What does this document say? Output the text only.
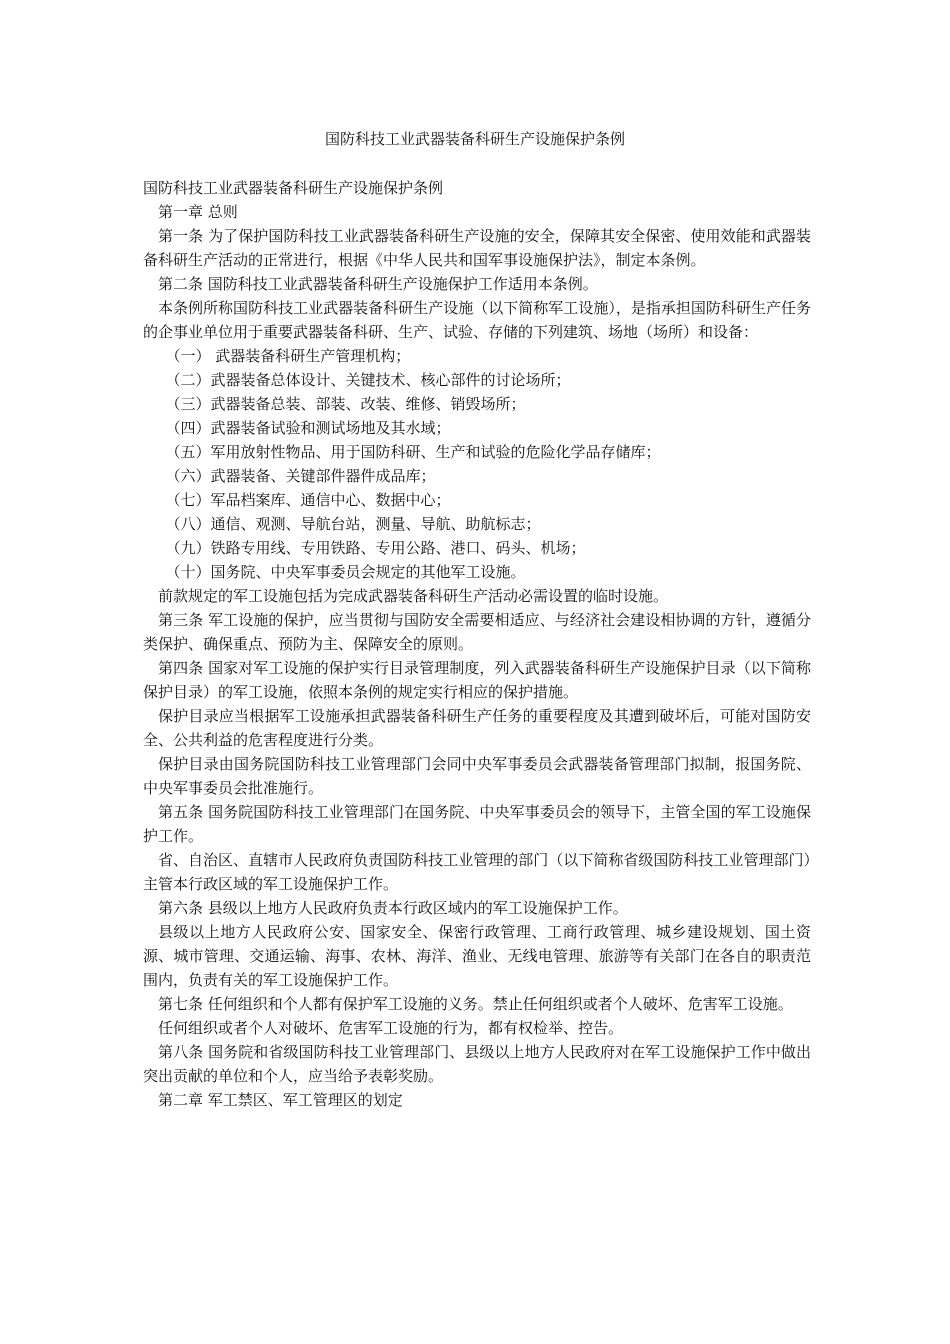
国防科技工业武器装备科研生产设施保护条例

国防科技工业武器装备科研生产设施保护条例

第一章 总则

第一条 为了保护国防科技工业武器装备科研生产设施的安全，保障其安全保密、使用效能和武器装备科研生产活动的正常进行，根据《中华人民共和国军事设施保护法》，制定本条例。

第二条 国防科技工业武器装备科研生产设施保护工作适用本条例。

本条例所称国防科技工业武器装备科研生产设施（以下简称军工设施），是指承担国防科研生产任务的企事业单位用于重要武器装备科研、生产、试验、存储的下列建筑、场地（场所）和设备：

（一） 武器装备科研生产管理机构；

（二）武器装备总体设计、关键技术、核心部件的讨论场所；

（三）武器装备总装、部装、改装、维修、销毁场所；

（四）武器装备试验和测试场地及其水域；

（五）军用放射性物品、用于国防科研、生产和试验的危险化学品存储库；

（六）武器装备、关键部件器件成品库；

（七）军品档案库、通信中心、数据中心；

（八）通信、观测、导航台站，测量、导航、助航标志；

（九）铁路专用线、专用铁路、专用公路、港口、码头、机场；

（十）国务院、中央军事委员会规定的其他军工设施。

前款规定的军工设施包括为完成武器装备科研生产活动必需设置的临时设施。

第三条 军工设施的保护，应当贯彻与国防安全需要相适应、与经济社会建设相协调的方针，遵循分类保护、确保重点、预防为主、保障安全的原则。

第四条 国家对军工设施的保护实行目录管理制度，列入武器装备科研生产设施保护目录（以下简称保护目录）的军工设施，依照本条例的规定实行相应的保护措施。

保护目录应当根据军工设施承担武器装备科研生产任务的重要程度及其遭到破坏后，可能对国防安全、公共利益的危害程度进行分类。

保护目录由国务院国防科技工业管理部门会同中央军事委员会武器装备管理部门拟制，报国务院、中央军事委员会批准施行。

第五条 国务院国防科技工业管理部门在国务院、中央军事委员会的领导下，主管全国的军工设施保护工作。

省、自治区、直辖市人民政府负责国防科技工业管理的部门（以下简称省级国防科技工业管理部门）主管本行政区域的军工设施保护工作。

第六条 县级以上地方人民政府负责本行政区域内的军工设施保护工作。

县级以上地方人民政府公安、国家安全、保密行政管理、工商行政管理、城乡建设规划、国土资源、城市管理、交通运输、海事、农林、海洋、渔业、无线电管理、旅游等有关部门在各自的职责范围内，负责有关的军工设施保护工作。

第七条 任何组织和个人都有保护军工设施的义务。禁止任何组织或者个人破坏、危害军工设施。

任何组织或者个人对破坏、危害军工设施的行为，都有权检举、控告。

第八条 国务院和省级国防科技工业管理部门、县级以上地方人民政府对在军工设施保护工作中做出突出贡献的单位和个人，应当给予表彰奖励。

第二章 军工禁区、军工管理区的划定
